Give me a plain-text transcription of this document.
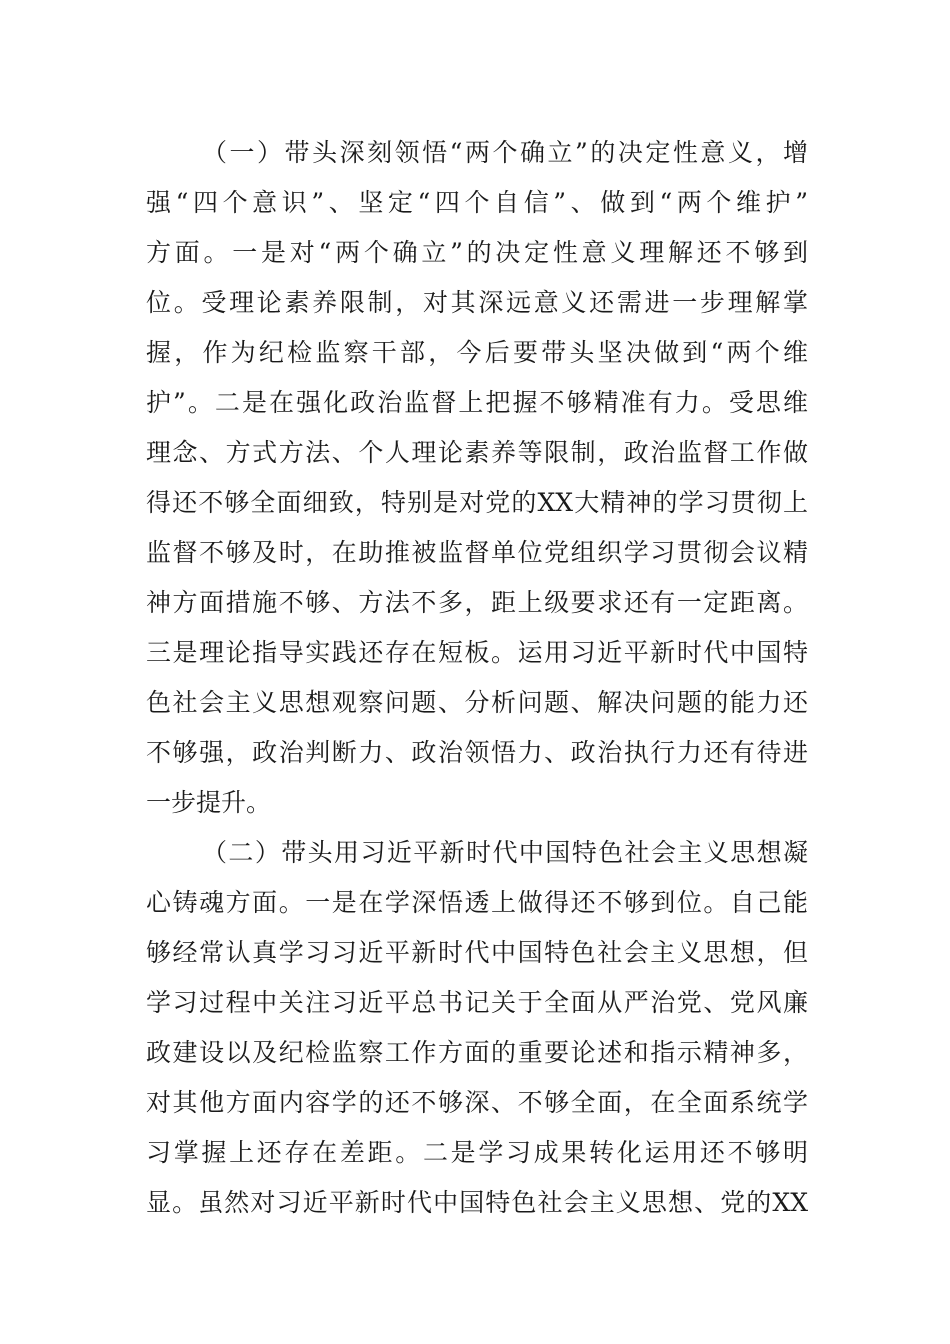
（一）带头深刻领悟“两个确立”的决定性意义，增
强“四个意识”、坚定“四个自信”、做到“两个维护”
方面。一是对“两个确立”的决定性意义理解还不够到
位。受理论素养限制，对其深远意义还需进一步理解掌
握，作为纪检监察干部，今后要带头坚决做到“两个维
护”。二是在强化政治监督上把握不够精准有力。受思维
理念、方式方法、个人理论素养等限制，政治监督工作做
得还不够全面细致，特别是对党的XX大精神的学习贯彻上
监督不够及时，在助推被监督单位党组织学习贯彻会议精
神方面措施不够、方法不多，距上级要求还有一定距离。
三是理论指导实践还存在短板。运用习近平新时代中国特
色社会主义思想观察问题、分析问题、解决问题的能力还
不够强，政治判断力、政治领悟力、政治执行力还有待进
一步提升。
（二）带头用习近平新时代中国特色社会主义思想凝
心铸魂方面。一是在学深悟透上做得还不够到位。自己能
够经常认真学习习近平新时代中国特色社会主义思想，但
学习过程中关注习近平总书记关于全面从严治党、党风廉
政建设以及纪检监察工作方面的重要论述和指示精神多，
对其他方面内容学的还不够深、不够全面，在全面系统学
习掌握上还存在差距。二是学习成果转化运用还不够明
显。虽然对习近平新时代中国特色社会主义思想、党的XX
